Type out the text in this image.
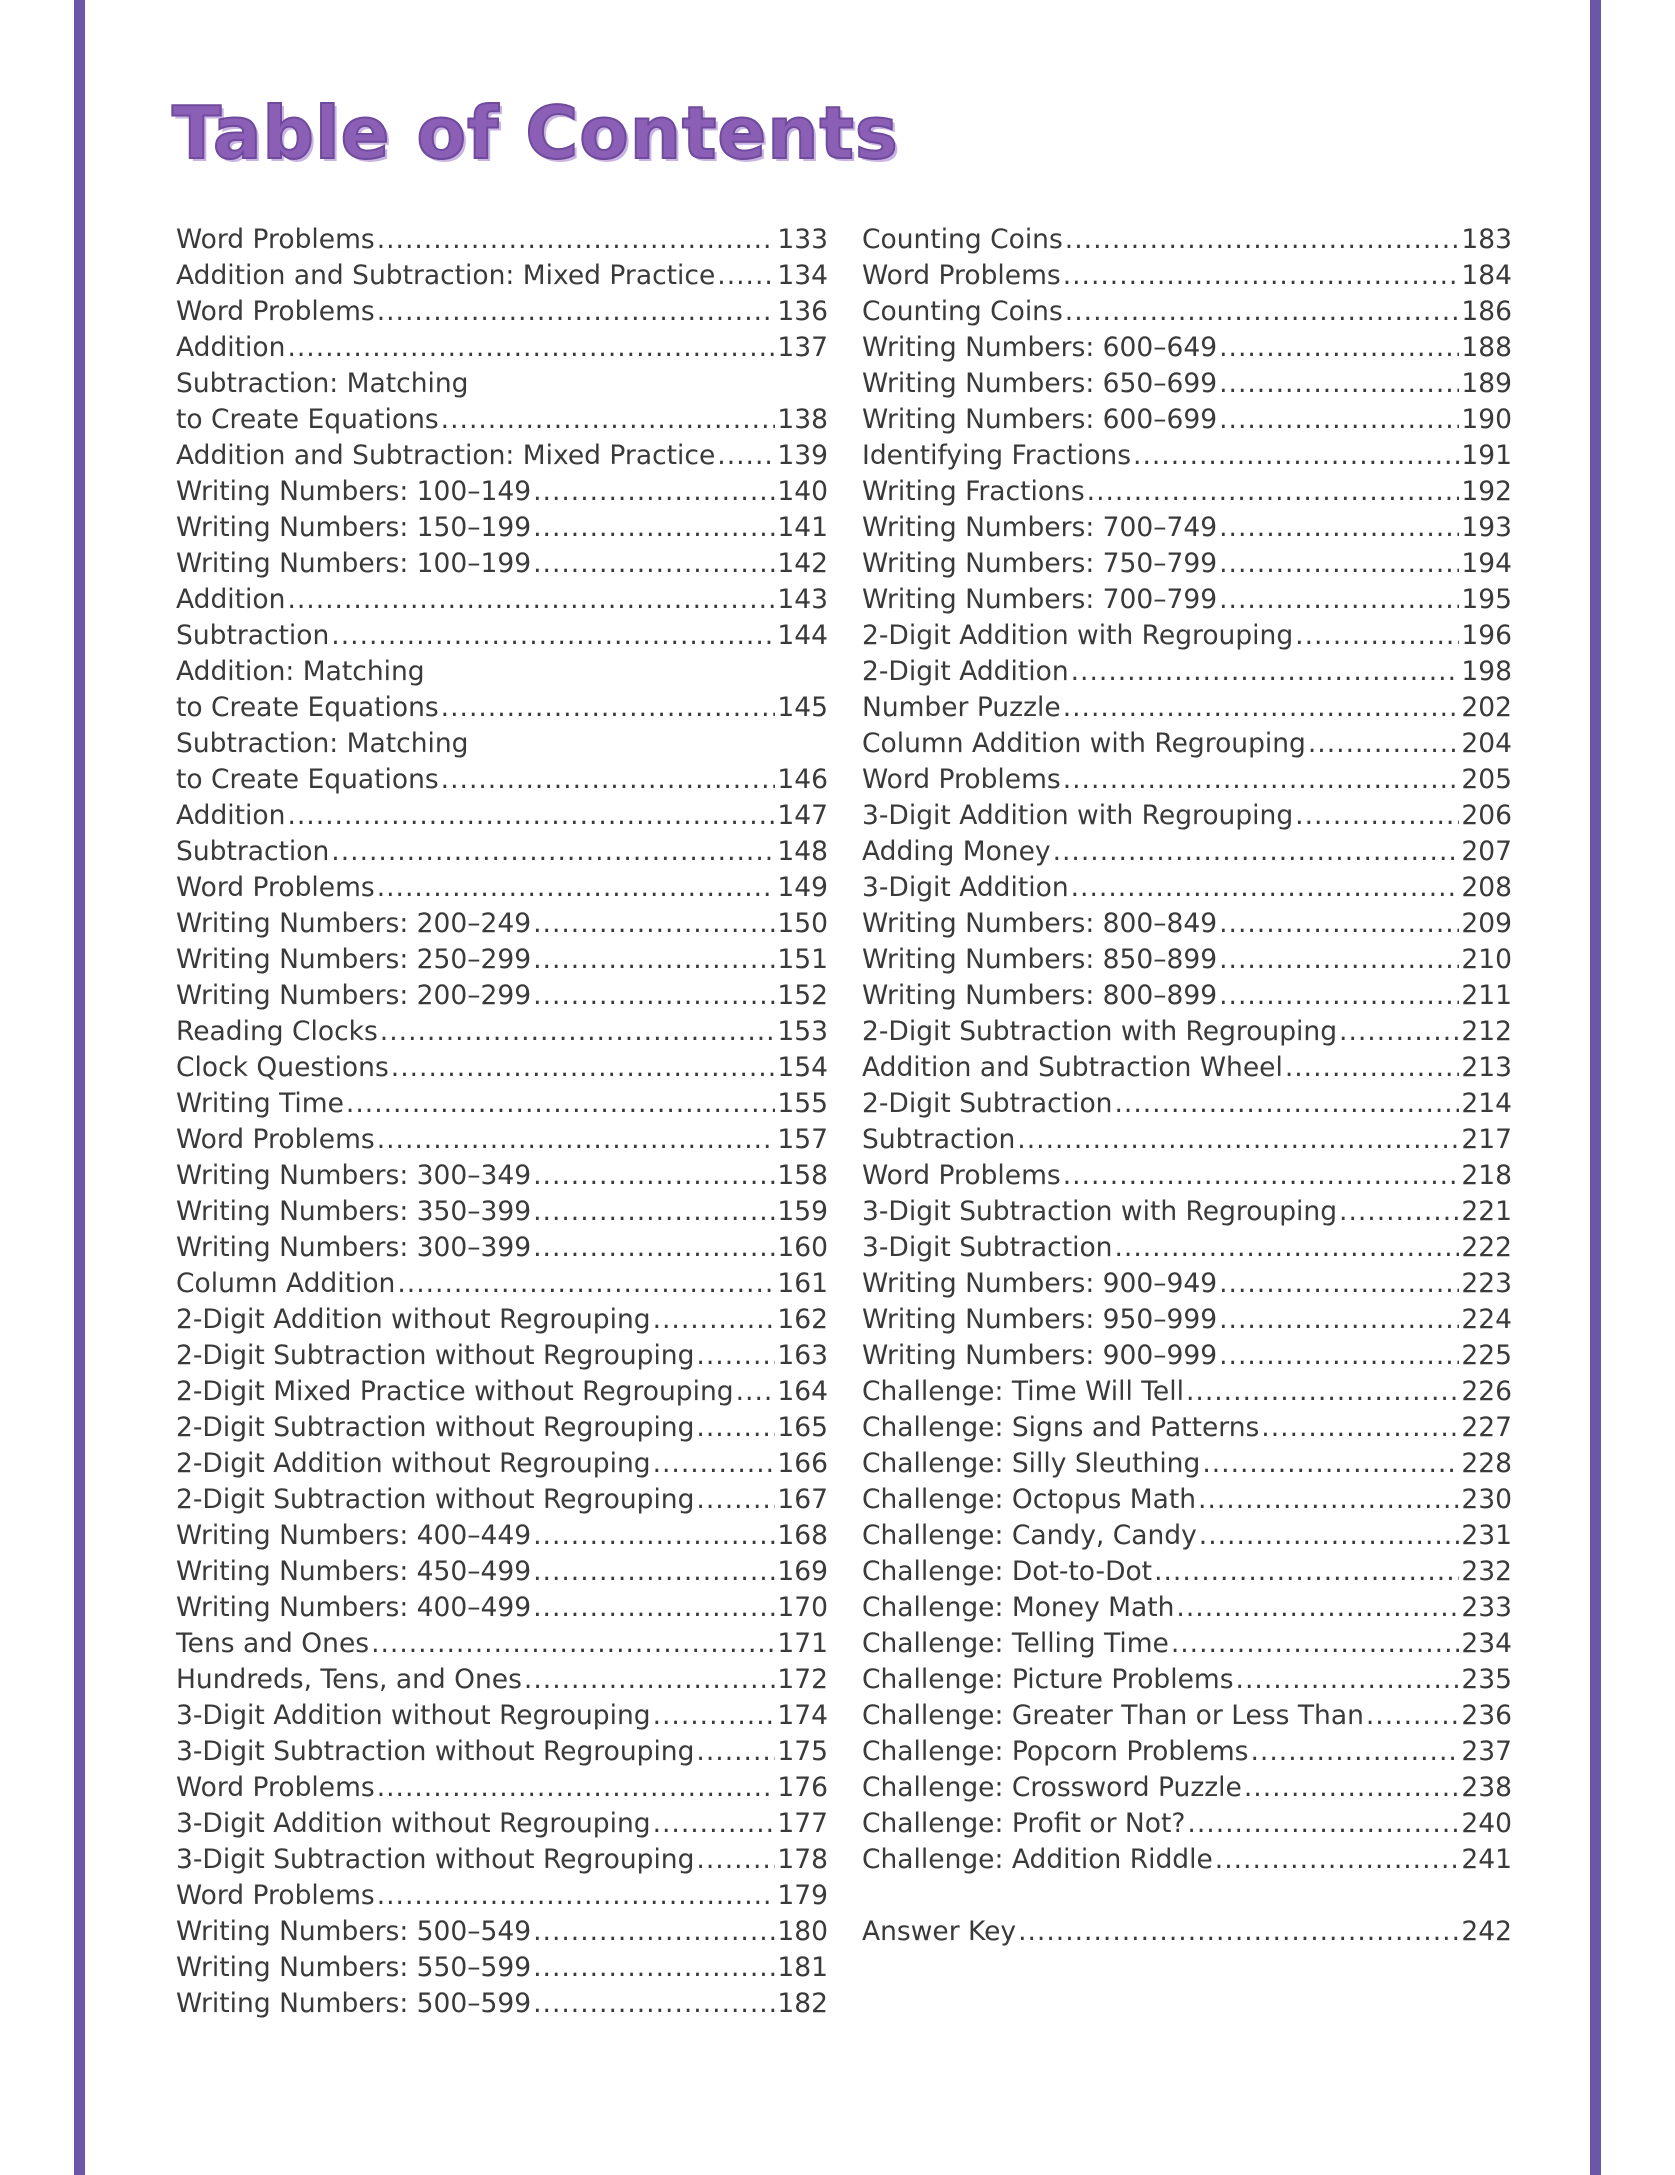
Table of Contents
Word Problems .....	133
Addition and Subtraction: Mixed Practice ..... 134
Word Problems .....	136
Addition .....	137
Subtraction: Matching
to Create Equations .....	138
Addition and Subtraction: Mixed Practice ..... 139
Writing Numbers: 100–149 .....	140
Writing Numbers: 150–199 .....	141
Writing Numbers: 100–199 .....	142
Addition .....	143
Subtraction .....	144
Addition: Matching
to Create Equations .....	145
Subtraction: Matching
to Create Equations .....	146
Addition .....	147
Subtraction .....	148
Word Problems .....	149
Writing Numbers: 200–249 .....	150
Writing Numbers: 250–299 .....	151
Writing Numbers: 200–299 .....	152
Reading Clocks .....	153
Clock Questions .....	154
Writing Time .....	155
Word Problems .....	157
Writing Numbers: 300–349 .....	158
Writing Numbers: 350–399 .....	159
Writing Numbers: 300–399 .....	160
Column Addition .....	161
2-Digit Addition without Regrouping .....	162
2-Digit Subtraction without Regrouping .....	163
2-Digit Mixed Practice without Regrouping ..... 164
2-Digit Subtraction without Regrouping .....	165
2-Digit Addition without Regrouping .....	166
2-Digit Subtraction without Regrouping .....	167
Writing Numbers: 400–449 .....	168
Writing Numbers: 450–499 .....	169
Writing Numbers: 400–499 .....	170
Tens and Ones .....	171
Hundreds, Tens, and Ones .....	172
3-Digit Addition without Regrouping .....	174
3-Digit Subtraction without Regrouping .....	175
Word Problems .....	176
3-Digit Addition without Regrouping .....	177
3-Digit Subtraction without Regrouping .....	178
Word Problems .....	179
Writing Numbers: 500–549 .....	180
Writing Numbers: 550–599 .....	181
Writing Numbers: 500–599 .....	182
Counting Coins .....	183
Word Problems .....	184
Counting Coins .....	186
Writing Numbers: 600–649 .....	188
Writing Numbers: 650–699 .....	189
Writing Numbers: 600–699 .....	190
Identifying Fractions .....	191
Writing Fractions .....	192
Writing Numbers: 700–749 .....	193
Writing Numbers: 750–799 .....	194
Writing Numbers: 700–799 .....	195
2-Digit Addition with Regrouping .....	196
2-Digit Addition .....	198
Number Puzzle .....	202
Column Addition with Regrouping .....	204
Word Problems .....	205
3-Digit Addition with Regrouping .....	206
Adding Money .....	207
3-Digit Addition .....	208
Writing Numbers: 800–849 .....	209
Writing Numbers: 850–899 .....	210
Writing Numbers: 800–899 .....	211
2-Digit Subtraction with Regrouping .....	212
Addition and Subtraction Wheel .....	213
2-Digit Subtraction .....	214
Subtraction .....	217
Word Problems .....	218
3-Digit Subtraction with Regrouping .....	221
3-Digit Subtraction .....	222
Writing Numbers: 900–949 .....	223
Writing Numbers: 950–999 .....	224
Writing Numbers: 900–999 .....	225
Challenge: Time Will Tell .....	226
Challenge: Signs and Patterns .....	227
Challenge: Silly Sleuthing .....	228
Challenge: Octopus Math .....	230
Challenge: Candy, Candy .....	231
Challenge: Dot-to-Dot .....	232
Challenge: Money Math .....	233
Challenge: Telling Time .....	234
Challenge: Picture Problems .....	235
Challenge: Greater Than or Less Than .....	236
Challenge: Popcorn Problems .....	237
Challenge: Crossword Puzzle .....	238
Challenge: Profit or Not? .....	240
Challenge: Addition Riddle .....	241
Answer Key .....	242
